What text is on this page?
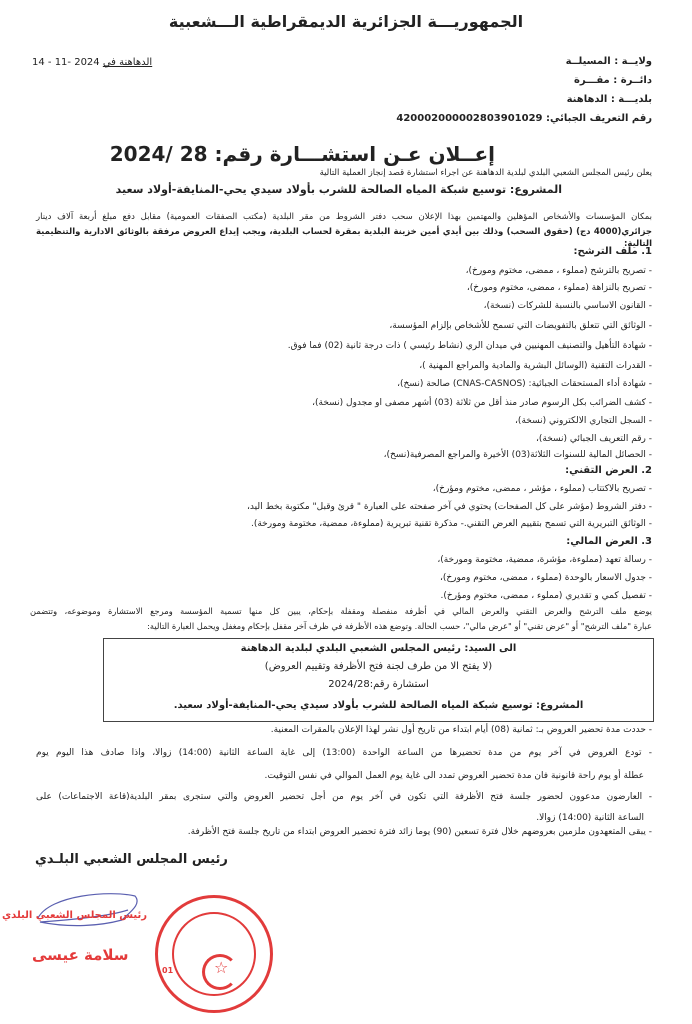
الجمهوريـــة الجزائرية الديمقراطية الـــشعبية
14 - 11- 2024 الدهاهنة في	ولايــة : المسيلــة
دائــرة : مقـــرة
بلديـــة : الدهاهنة
رقم التعريف الجبائي: 420002000002803901029
إعــلان عـن استشـــارة رقم: 28 /2024
يعلن رئيس المجلس الشعبي البلدي لبلدية الدهاهنة عن اجراء استشارة قصد إنجاز العملية التالية
المشروع: توسيع شبكة المياه الصالحة للشرب بأولاد سيدي يحي-المنايفة-أولاد سعيد
بمكان المؤسسات والأشخاص المؤهلين والمهتمين بهذا الإعلان سحب دفتر الشروط من مقر البلدية (مكتب الصفقات العمومية) مقابل دفع مبلغ أربعة آلاف دينار
جزائري(4000 دج) (حقوق السحب) وذلك بين أيدي أمين خزينة البلدية بمقرة لحساب البلدية، ويجب إيداع العروض مرفقة بالوثائق الادارية والتنظيمية التالية:
1. ملف الترشح:
- تصريح بالترشح (مملوء ، ممضى، مختوم ومورخ)،
- تصريح بالنزاهة (مملوء ، ممضى، مختوم ومورخ)،
- القانون الاساسي بالنسبة للشركات (نسخة)،
- الوثائق التي تتعلق بالتفويضات التي تسمح للأشخاص بإلزام المؤسسة،
- شهادة التأهيل والتصنيف المهنيين في ميدان الري (نشاط رئيسي ) ذات درجة ثانية (02) فما فوق.
- القدرات التقنية (الوسائل البشرية والمادية والمراجع المهنية )،
- شهادة أداء المستحقات الجبائية: (CNAS-CASNOS) صالحة (نسخ)،
- كشف الضرائب بكل الرسوم صادر منذ أقل من ثلاثة (03) أشهر مصفى او مجدول (نسخة)،
- السجل التجاري الالكتروني (نسخة)،
- رقم التعريف الجبائي (نسخة)،
- الحصائل المالية للسنوات الثلاثة(03) الأخيرة والمراجع المصرفية(نسخ)،
2. العرض التقني:
- تصريح بالاكتتاب (مملوء ، مؤشر ، ممضى، مختوم ومؤرخ)،
- دفتر الشروط (مؤشر على كل الصفحات) يحتوي في آخر صفحته على العبارة " قرئ وقبل" مكتوبة بخط اليد،
- الوثائق التبريرية التي تسمح بتقييم العرض التقني.- مذكرة تقنية تبريرية (مملوءة، ممضية، مختومة ومورخة).
3. العرض المالي:
- رسالة تعهد (مملوءة، مؤشرة، ممضية، مختومة ومورخة)،
- جدول الاسعار بالوحدة (مملوء ، ممضى، مختوم ومورخ)،
- تفصيل كمي و تقديري (مملوء ، ممضى، مختوم ومؤرخ).
يوضع ملف الترشح والعرض التقني والعرض المالي في أظرفة منفصلة ومقفلة بإحكام، يبين كل منها تسمية المؤسسة ومرجع الاستشارة وموضوعه، وتتضمن
عبارة "ملف الترشح" أو "عرض تقني" أو "عرض مالي"، حسب الحالة. وتوضع هذه الأظرفة في ظرف آخر مقفل بإحكام ومغفل ويحمل العبارة التالية:
الى السيد: رئيس المجلس الشعبي البلدي لبلدية الدهاهنة
(لا يفتح الا من طرف لجنة فتح الأظرفة وتقييم العروض)
استشارة رقم:2024/28
المشروع: توسيع شبكة المياه الصالحة للشرب بأولاد سيدي يحي-المنايفة-أولاد سعيد.
- حددت مدة تحضير العروض بـ: ثمانية (08) أيام ابتداء من تاريخ أول نشر لهذا الإعلان بالمقرات المعنية.
- تودع العروض في آخر يوم من مدة تحضيرها من الساعة الواحدة (13:00) إلى غاية الساعة الثانية (14:00) زوالا، واذا صادف هذا اليوم يوم
عطلة أو يوم راحة قانونية فان مدة تحضير العروض تمدد الى غاية يوم العمل الموالي في نفس التوقيت.
- العارضون مدعوون لحضور جلسة فتح الأظرفة التي تكون في آخر يوم من أجل تحضير العروض والتي ستجرى بمقر البلدية(قاعة الاجتماعات) على
الساعة الثانية (14:00) زوالا.
- يبقى المتعهدون ملزمين بعروضهم خلال فترة تسعين (90) يوما زائد فترة تحضير العروض ابتداء من تاريخ جلسة فتح الأظرفة.
☆
01
رئيس المجلس الشعبي البلـدي
رئيس المجلس الشعبي البلدي
سلامة عيسى
